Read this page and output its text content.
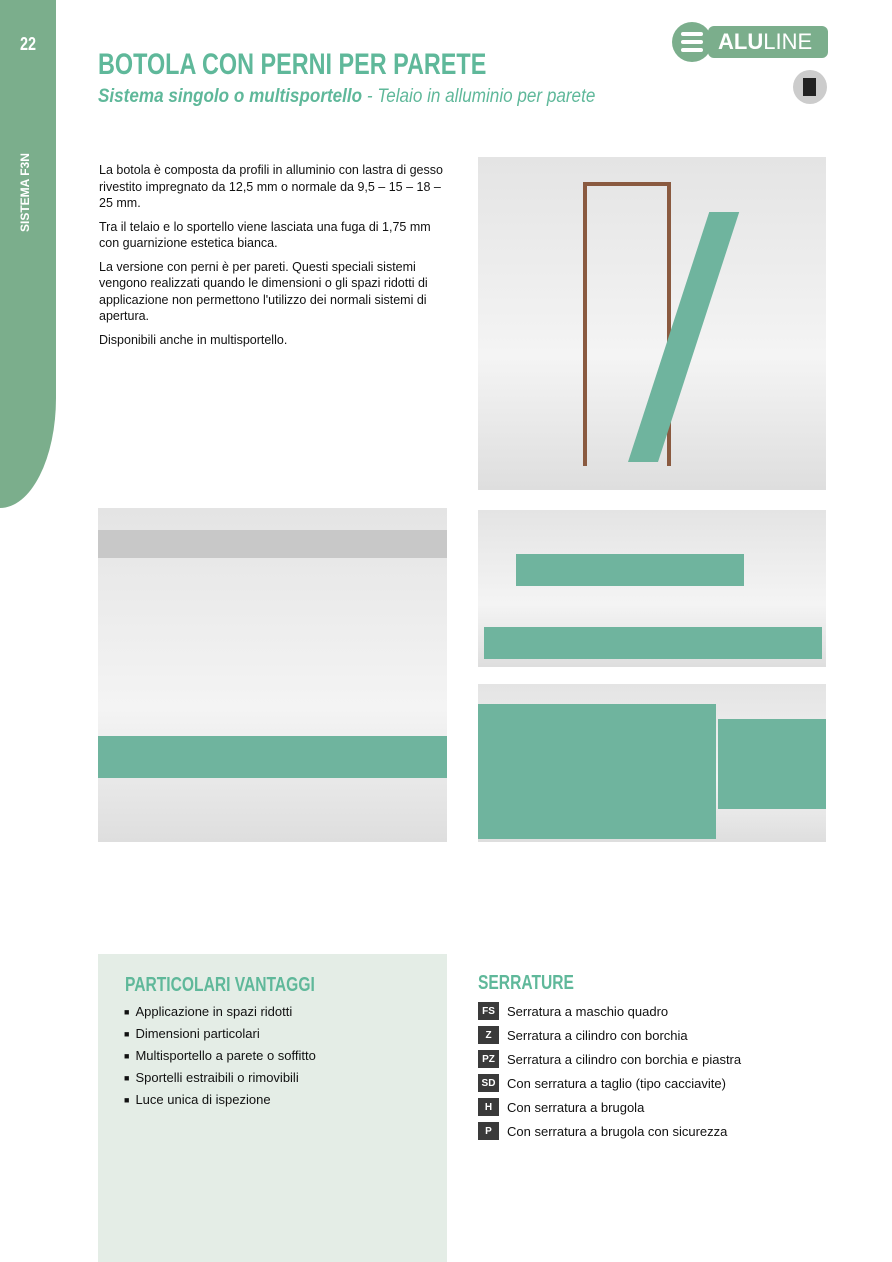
22
SISTEMA F3N
BOTOLA CON PERNI PER PARETE
Sistema singolo o multisportello - Telaio in alluminio per parete
ALULINE

La botola è composta da profili in alluminio con lastra di gesso rivestito impregnato da 12,5 mm o normale da 9,5 – 15 – 18 – 25 mm.

Tra il telaio e lo sportello viene lasciata una fuga di 1,75 mm con guarnizione estetica bianca.

La versione con perni è per pareti. Questi speciali sistemi vengono realizzati quando le dimensioni o gli spazi ridotti di applicazione non permettono l'utilizzo dei normali sistemi di apertura.

Disponibili anche in multisportello.

PARTICOLARI VANTAGGI
■ Applicazione in spazi ridotti
■ Dimensioni particolari
■ Multisportello a parete o soffitto
■ Sportelli estraibili o rimovibili
■ Luce unica di ispezione
SERRATURE
FS Serratura a maschio quadro
Z	Serratura a cilindro con borchia
PZ Serratura a cilindro con borchia e piastra
SD Con serratura a taglio (tipo cacciavite)
H	Con serratura a brugola
P	Con serratura a brugola con sicurezza
